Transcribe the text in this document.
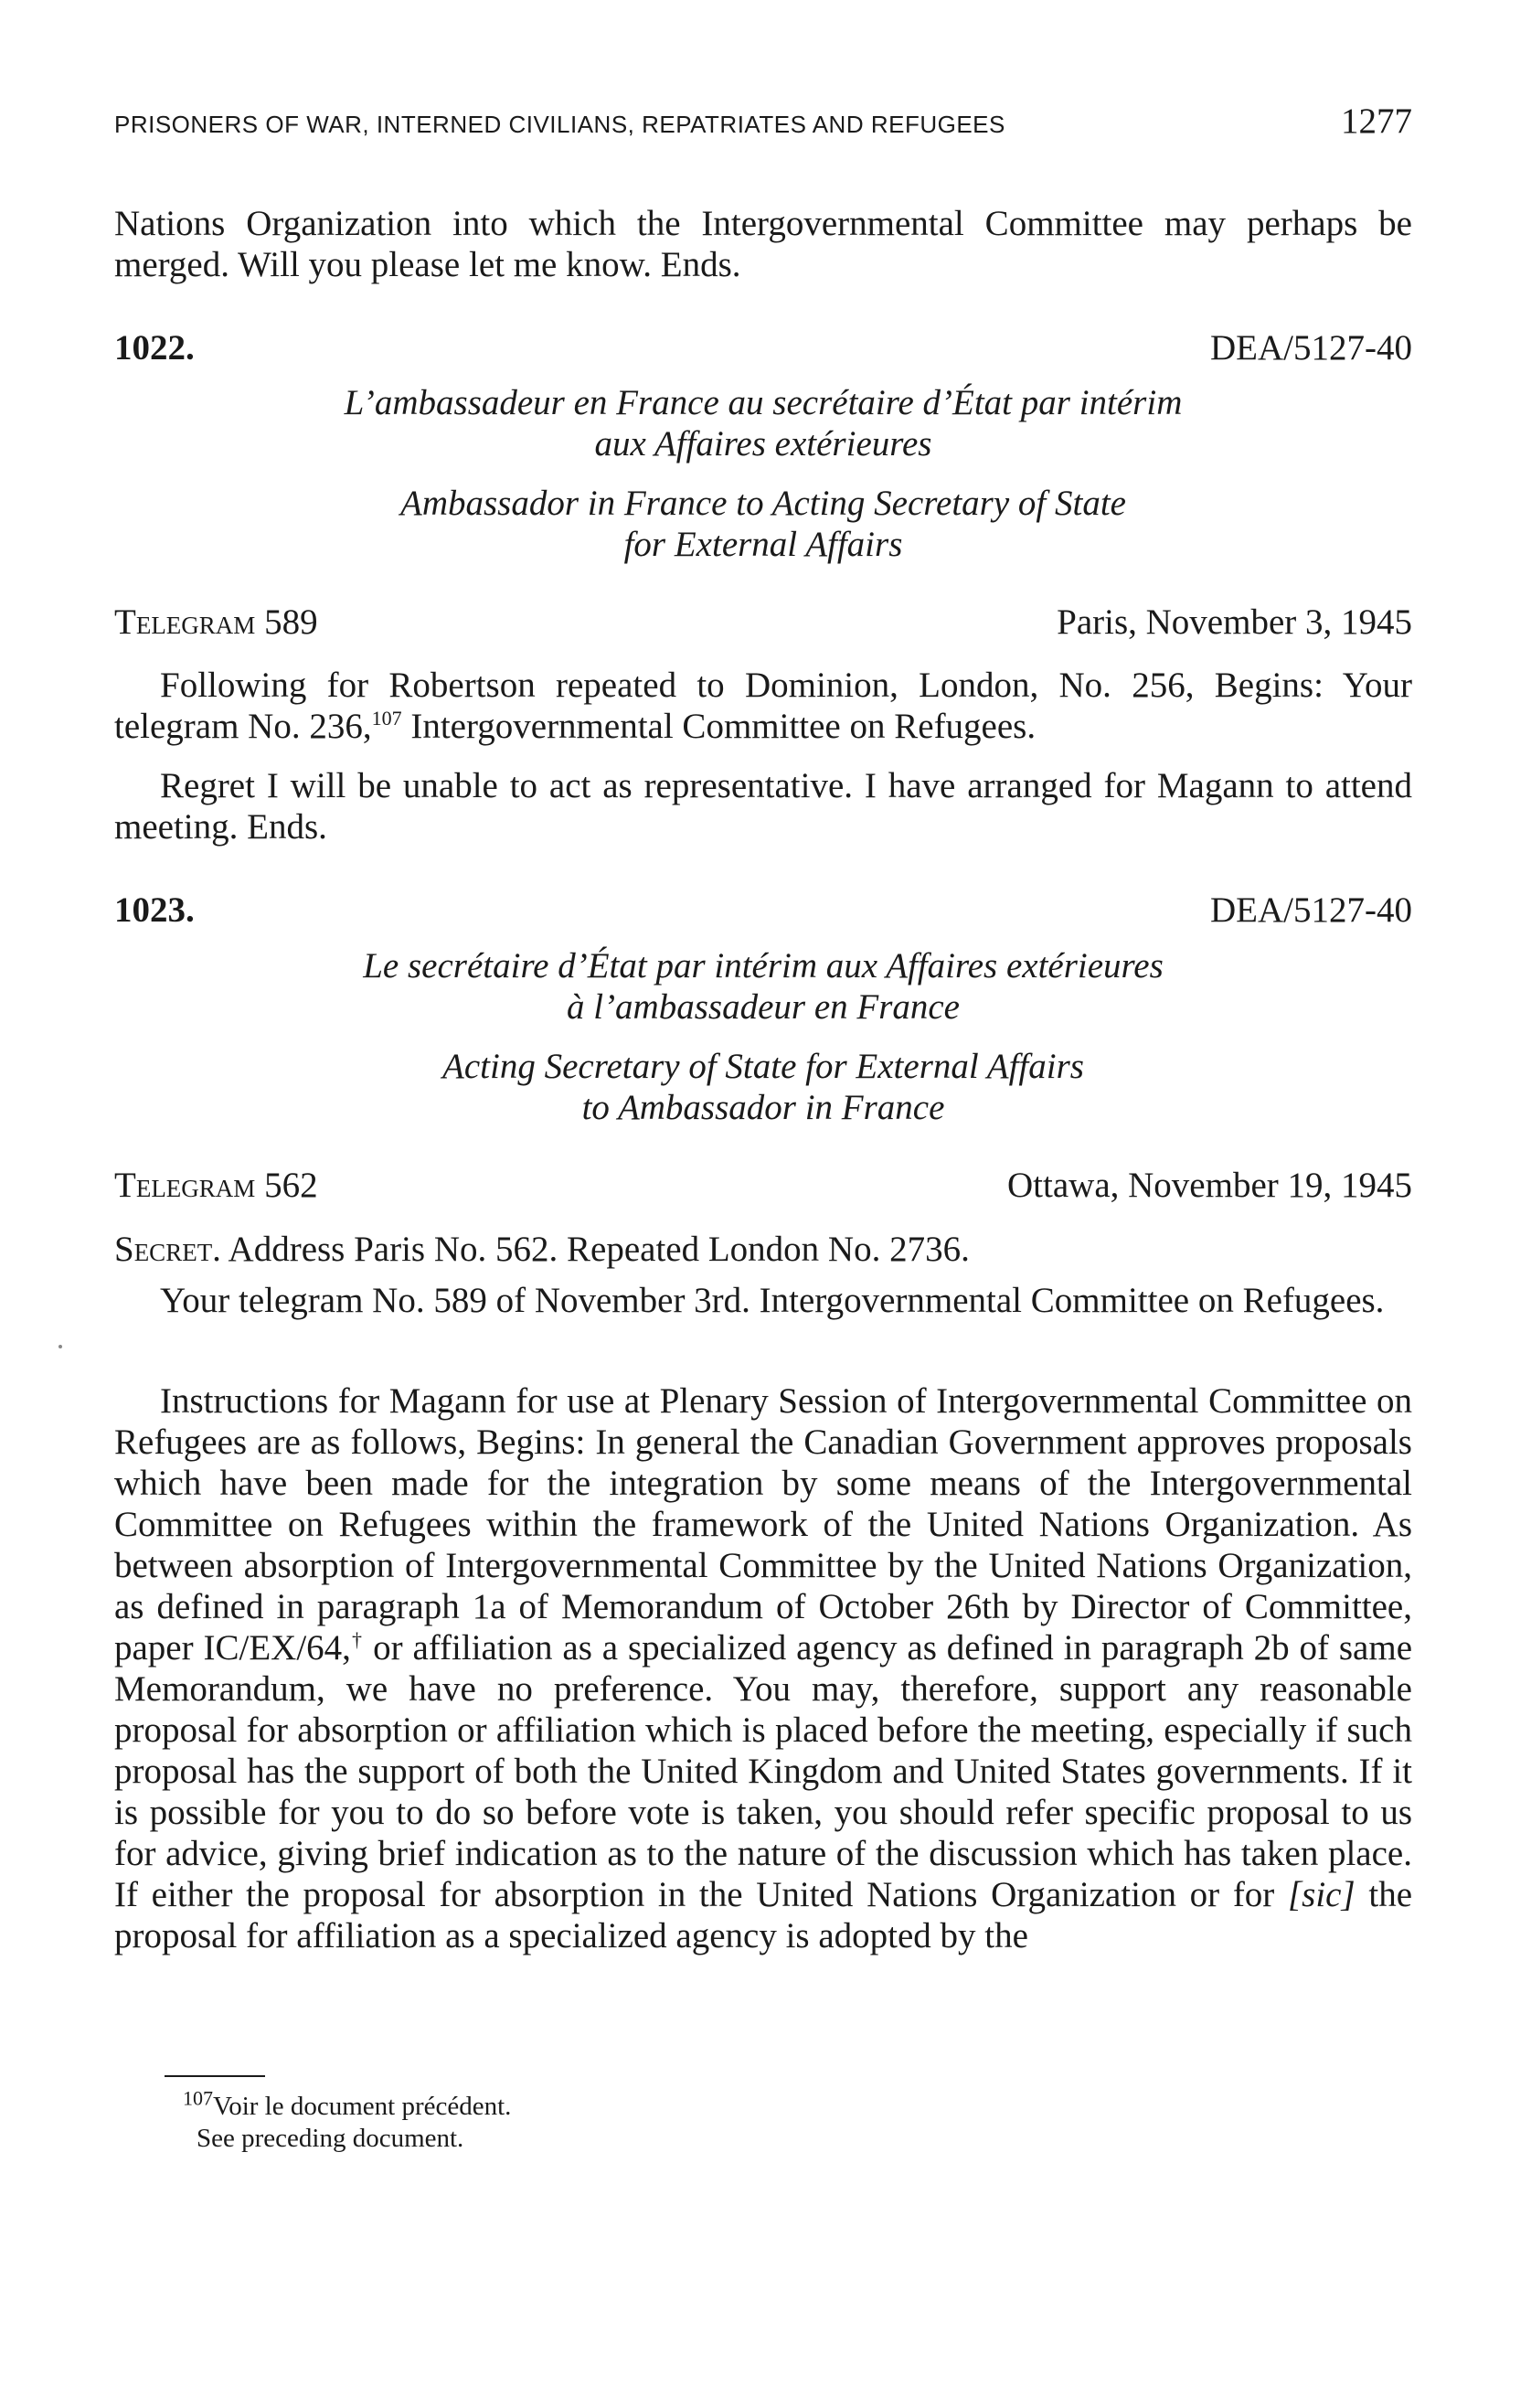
PRISONERS OF WAR, INTERNED CIVILIANS, REPATRIATES AND REFUGEES	1277

Nations Organization into which the Intergovernmental Committee may perhaps be merged. Will you please let me know. Ends.

1022.	DEA/5127-40

L’ambassadeur en France au secrétaire d’État par intérim

aux Affaires extérieures

Ambassador in France to Acting Secretary of State

for External Affairs

Telegram 589	Paris, November 3, 1945

Following for Robertson repeated to Dominion, London, No. 256, Begins: Your telegram No. 236,$^{107}$ Intergovernmental Committee on Refugees.

Regret I will be unable to act as representative. I have arranged for Magann to attend meeting. Ends.

1023.	DEA/5127-40

Le secrétaire d’État par intérim aux Affaires extérieures

à l’ambassadeur en France

Acting Secretary of State for External Affairs

to Ambassador in France

Telegram 562	Ottawa, November 19, 1945

Secret. Address Paris No. 562. Repeated London No. 2736.

Your telegram No. 589 of November 3rd. Intergovernmental Committee on Refugees.

Instructions for Magann for use at Plenary Session of Intergovernmental Committee on Refugees are as follows, Begins: In general the Canadian Government approves proposals which have been made for the integration by some means of the Intergovernmental Committee on Refugees within the framework of the United Nations Organization. As between absorption of Intergovernmental Committee by the United Nations Organization, as defined in paragraph 1a of Memorandum of October 26th by Director of Committee, paper IC/EX/64,† or affiliation as a specialized agency as defined in paragraph 2b of same Memorandum, we have no preference. You may, therefore, support any reasonable proposal for absorption or affiliation which is placed before the meeting, especially if such proposal has the support of both the United Kingdom and United States governments. If it is possible for you to do so before vote is taken, you should refer specific proposal to us for advice, giving brief indication as to the nature of the discussion which has taken place. If either the proposal for absorption in the United Nations Organization or for [sic] the proposal for affiliation as a specialized agency is adopted by the

$^{107}$Voir le document précédent.

See preceding document.
